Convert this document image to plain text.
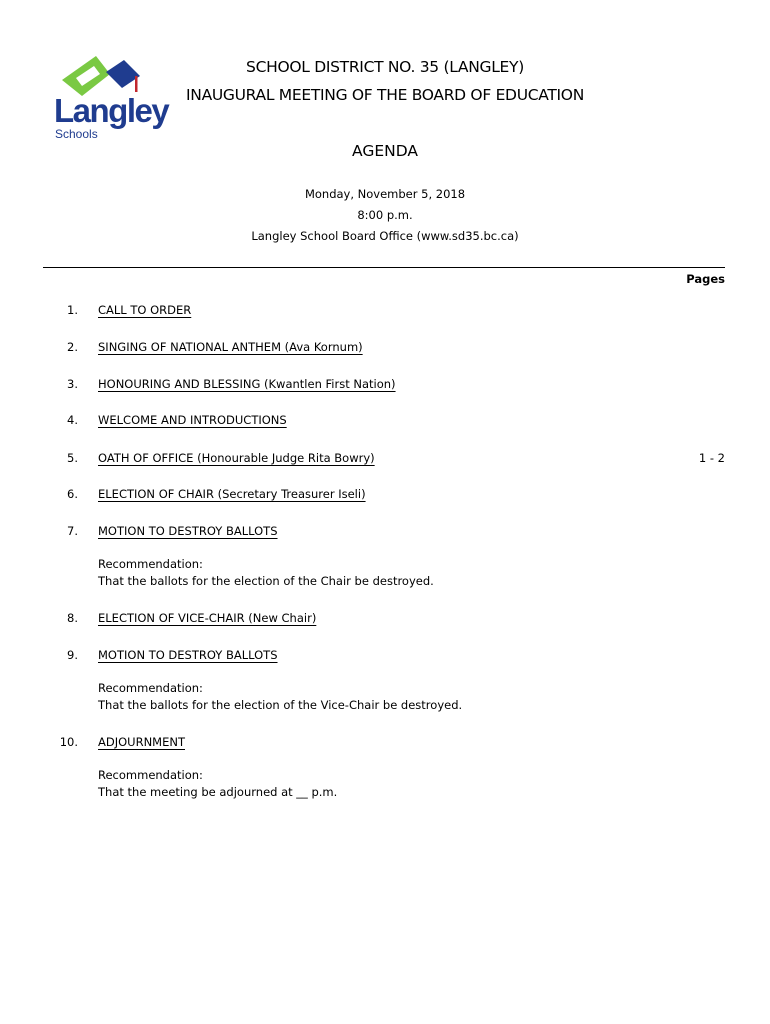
Langley
Schools
SCHOOL DISTRICT NO. 35 (LANGLEY)
INAUGURAL MEETING OF THE BOARD OF EDUCATION
AGENDA
Monday, November 5, 2018
8:00 p.m.
Langley School Board Office (www.sd35.bc.ca)
Pages
1. CALL TO ORDER
2. SINGING OF NATIONAL ANTHEM (Ava Kornum)
3. HONOURING AND BLESSING (Kwantlen First Nation)
4. WELCOME AND INTRODUCTIONS
5. OATH OF OFFICE (Honourable Judge Rita Bowry)	1 - 2
6. ELECTION OF CHAIR (Secretary Treasurer Iseli)
7. MOTION TO DESTROY BALLOTS
Recommendation:
That the ballots for the election of the Chair be destroyed.
8. ELECTION OF VICE-CHAIR (New Chair)
9. MOTION TO DESTROY BALLOTS
Recommendation:
That the ballots for the election of the Vice-Chair be destroyed.
10. ADJOURNMENT
Recommendation:
That the meeting be adjourned at __ p.m.
